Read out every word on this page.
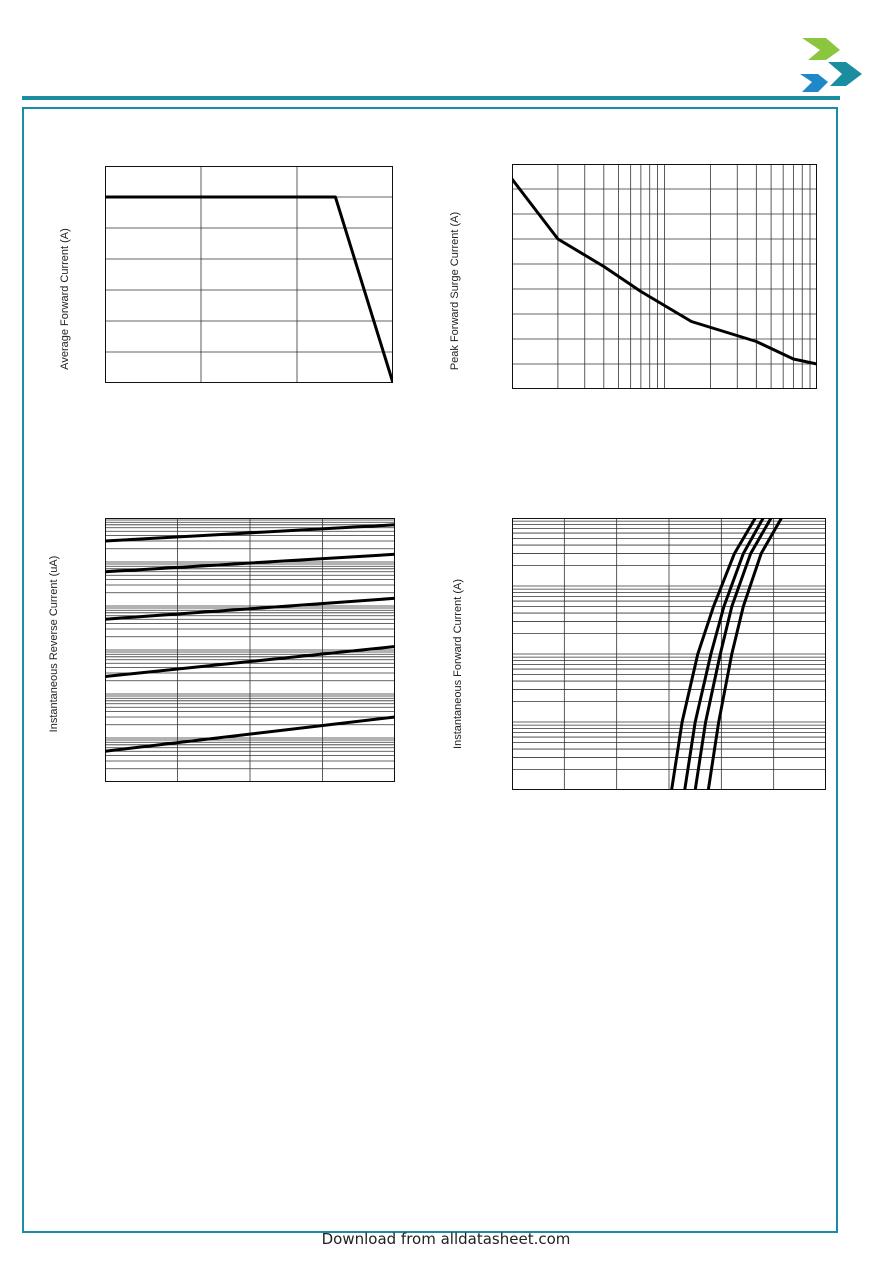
Average Forward Current (A)	Peak Forward Surge Current (A)
Instantaneous Reverse Current (uA)	Instantaneous Forward Current (A)
Download from alldatasheet.com
